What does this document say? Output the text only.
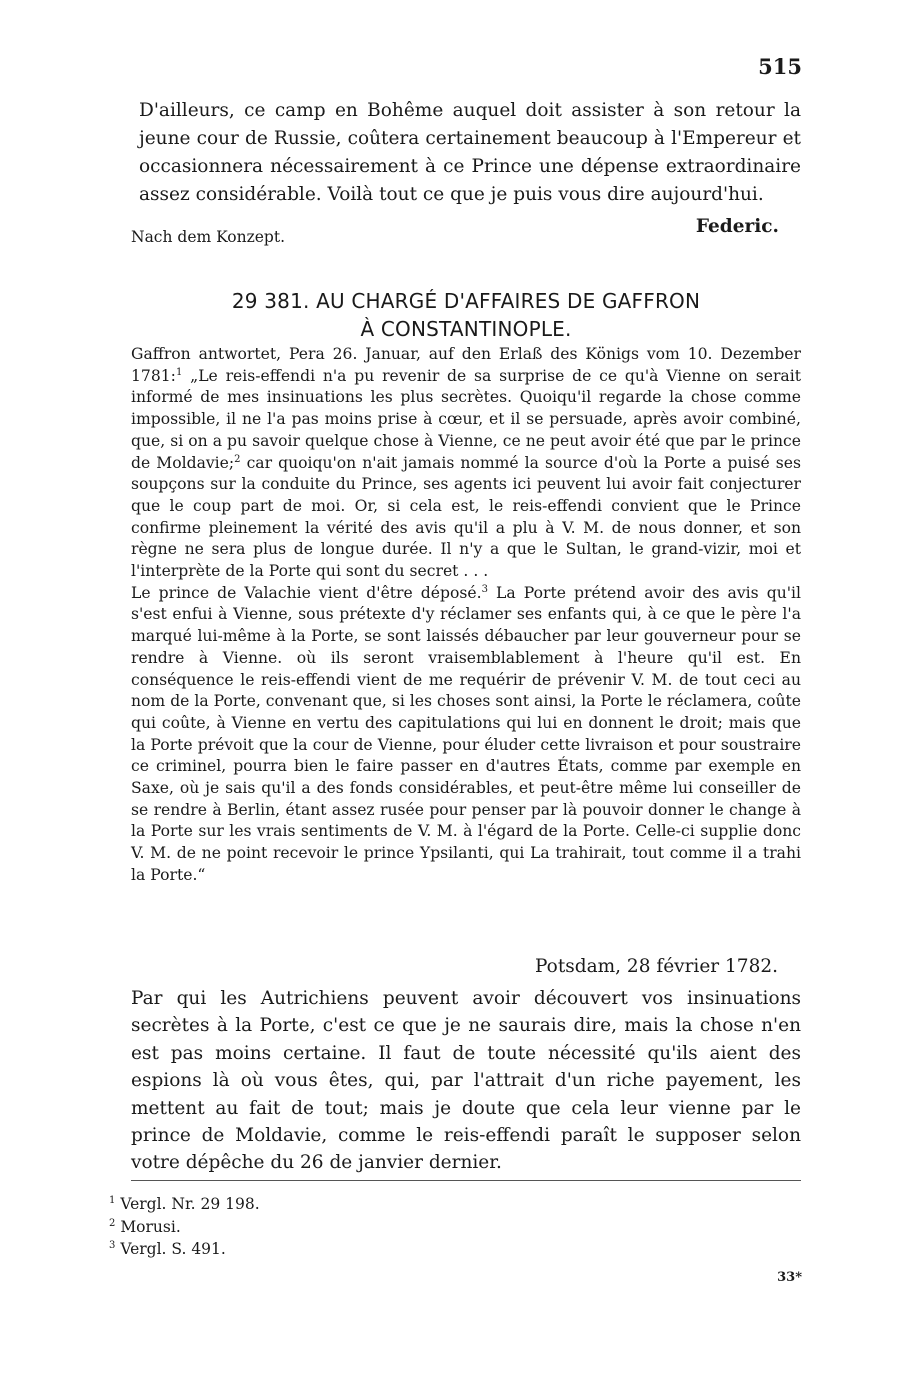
515
D'ailleurs, ce camp en Bohême auquel doit assister à son retour la jeune cour de Russie, coûtera certainement beaucoup à l'Empereur et occasionnera nécessairement à ce Prince une dépense extraordinaire assez considérable. Voilà tout ce que je puis vous dire aujourd'hui.
Nach dem Konzept.	Federic.
29 381. AU CHARGÉ D'AFFAIRES DE GAFFRON
À CONSTANTINOPLE.

Gaffron antwortet, Pera 26. Januar, auf den Erlaß des Königs vom 10. Dezember 1781:$^1$ „Le reis-effendi n'a pu revenir de sa surprise de ce qu'à Vienne on serait informé de mes insinuations les plus secrètes. Quoiqu'il regarde la chose comme impossible, il ne l'a pas moins prise à cœur, et il se persuade, après avoir combiné, que, si on a pu savoir quelque chose à Vienne, ce ne peut avoir été que par le prince de Moldavie;$^2$ car quoiqu'on n'ait jamais nommé la source d'où la Porte a puisé ses soupçons sur la conduite du Prince, ses agents ici peuvent lui avoir fait conjecturer que le coup part de moi. Or, si cela est, le reis-effendi convient que le Prince confirme pleinement la vérité des avis qu'il a plu à V. M. de nous donner, et son règne ne sera plus de longue durée. Il n'y a que le Sultan, le grand-vizir, moi et l'interprète de la Porte qui sont du secret . . .

Le prince de Valachie vient d'être déposé.$^3$ La Porte prétend avoir des avis qu'il s'est enfui à Vienne, sous prétexte d'y réclamer ses enfants qui, à ce que le père l'a marqué lui-même à la Porte, se sont laissés débaucher par leur gouverneur pour se rendre à Vienne. où ils seront vraisemblablement à l'heure qu'il est. En conséquence le reis-effendi vient de me requérir de prévenir V. M. de tout ceci au nom de la Porte, convenant que, si les choses sont ainsi, la Porte le réclamera, coûte qui coûte, à Vienne en vertu des capitulations qui lui en donnent le droit; mais que la Porte prévoit que la cour de Vienne, pour éluder cette livraison et pour soustraire ce criminel, pourra bien le faire passer en d'autres États, comme par exemple en Saxe, où je sais qu'il a des fonds considérables, et peut-être même lui conseiller de se rendre à Berlin, étant assez rusée pour penser par là pouvoir donner le change à la Porte sur les vrais sentiments de V. M. à l'égard de la Porte. Celle-ci supplie donc V. M. de ne point recevoir le prince Ypsilanti, qui La trahirait, tout comme il a trahi la Porte.“

Potsdam, 28 février 1782.
Par qui les Autrichiens peuvent avoir découvert vos insinuations secrètes à la Porte, c'est ce que je ne saurais dire, mais la chose n'en est pas moins certaine. Il faut de toute nécessité qu'ils aient des espions là où vous êtes, qui, par l'attrait d'un riche payement, les mettent au fait de tout; mais je doute que cela leur vienne par le prince de Moldavie, comme le reis-effendi paraît le supposer selon votre dépêche du 26 de janvier dernier.
$^1$ Vergl. Nr. 29 198.
$^2$ Morusi.
$^3$ Vergl. S. 491.
33*
